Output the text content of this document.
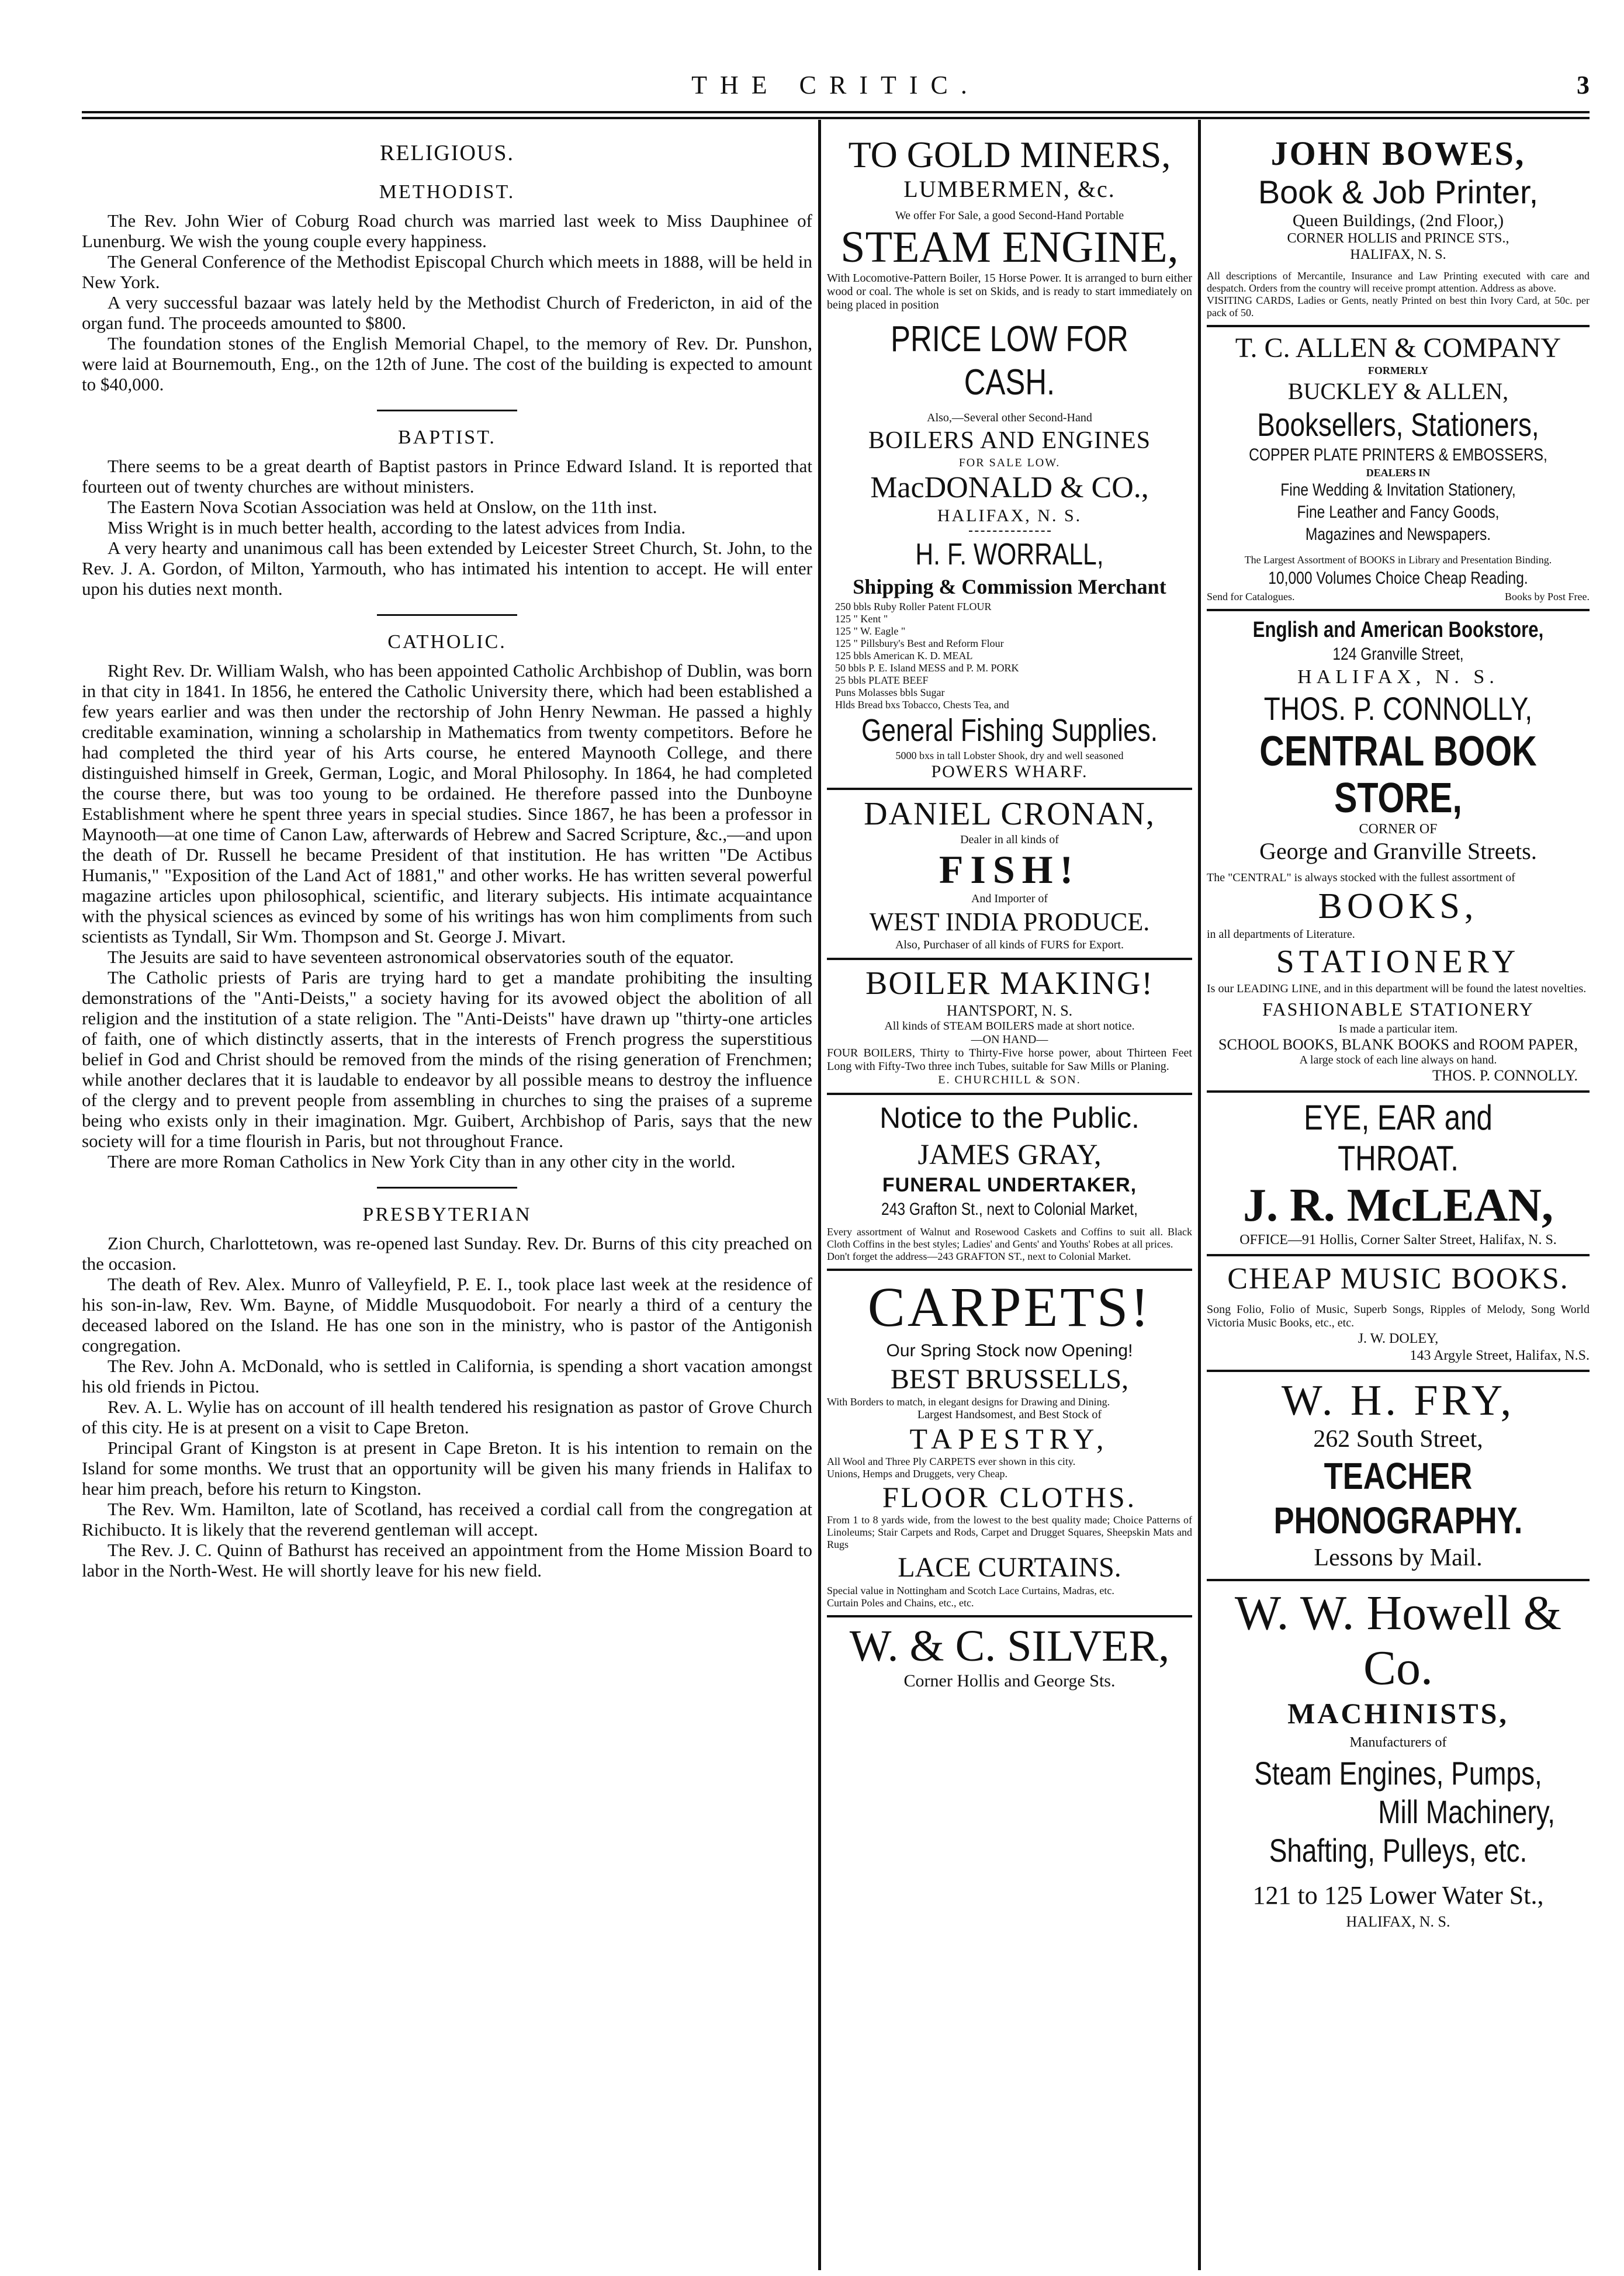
THE CRITIC.	3
RELIGIOUS.
METHODIST.

The Rev. John Wier of Coburg Road church was married last week to Miss Dauphinee of Lunenburg. We wish the young couple every happiness.

The General Conference of the Methodist Episcopal Church which meets in 1888, will be held in New York.

A very successful bazaar was lately held by the Methodist Church of Fredericton, in aid of the organ fund. The proceeds amounted to $800.

The foundation stones of the English Memorial Chapel, to the memory of Rev. Dr. Punshon, were laid at Bournemouth, Eng., on the 12th of June. The cost of the building is expected to amount to $40,000.

BAPTIST.

There seems to be a great dearth of Baptist pastors in Prince Edward Island. It is reported that fourteen out of twenty churches are without ministers.

The Eastern Nova Scotian Association was held at Onslow, on the 11th inst.

Miss Wright is in much better health, according to the latest advices from India.

A very hearty and unanimous call has been extended by Leicester Street Church, St. John, to the Rev. J. A. Gordon, of Milton, Yarmouth, who has intimated his intention to accept. He will enter upon his duties next month.

CATHOLIC.

Right Rev. Dr. William Walsh, who has been appointed Catholic Archbishop of Dublin, was born in that city in 1841. In 1856, he entered the Catholic University there, which had been established a few years earlier and was then under the rectorship of John Henry Newman. He passed a highly creditable examination, winning a scholarship in Mathematics from twenty competitors. Before he had completed the third year of his Arts course, he entered Maynooth College, and there distinguished himself in Greek, German, Logic, and Moral Philosophy. In 1864, he had completed the course there, but was too young to be ordained. He therefore passed into the Dunboyne Establishment where he spent three years in special studies. Since 1867, he has been a professor in Maynooth—at one time of Canon Law, afterwards of Hebrew and Sacred Scripture, &c.,—and upon the death of Dr. Russell he became President of that institution. He has written "De Actibus Humanis," "Exposition of the Land Act of 1881," and other works. He has written several powerful magazine articles upon philosophical, scientific, and literary subjects. His intimate acquaintance with the physical sciences as evinced by some of his writings has won him compliments from such scientists as Tyndall, Sir Wm. Thompson and St. George J. Mivart.

The Jesuits are said to have seventeen astronomical observatories south of the equator.

The Catholic priests of Paris are trying hard to get a mandate prohibiting the insulting demonstrations of the "Anti-Deists," a society having for its avowed object the abolition of all religion and the institution of a state religion. The "Anti-Deists" have drawn up "thirty-one articles of faith, one of which distinctly asserts, that in the interests of French progress the superstitious belief in God and Christ should be removed from the minds of the rising generation of Frenchmen; while another declares that it is laudable to endeavor by all possible means to destroy the influence of the clergy and to prevent people from assembling in churches to sing the praises of a supreme being who exists only in their imagination. Mgr. Guibert, Archbishop of Paris, says that the new society will for a time flourish in Paris, but not throughout France.

There are more Roman Catholics in New York City than in any other city in the world.

PRESBYTERIAN

Zion Church, Charlottetown, was re-opened last Sunday. Rev. Dr. Burns of this city preached on the occasion.

The death of Rev. Alex. Munro of Valleyfield, P. E. I., took place last week at the residence of his son-in-law, Rev. Wm. Bayne, of Middle Musquodoboit. For nearly a third of a century the deceased labored on the Island. He has one son in the ministry, who is pastor of the Antigonish congregation.

The Rev. John A. McDonald, who is settled in California, is spending a short vacation amongst his old friends in Pictou.

Rev. A. L. Wylie has on account of ill health tendered his resignation as pastor of Grove Church of this city. He is at present on a visit to Cape Breton.

Principal Grant of Kingston is at present in Cape Breton. It is his intention to remain on the Island for some months. We trust that an opportunity will be given his many friends in Halifax to hear him preach, before his return to Kingston.

The Rev. Wm. Hamilton, late of Scotland, has received a cordial call from the congregation at Richibucto. It is likely that the reverend gentleman will accept.

The Rev. J. C. Quinn of Bathurst has received an appointment from the Home Mission Board to labor in the North-West. He will shortly leave for his new field.

TO GOLD MINERS,
LUMBERMEN, &c.
We offer For Sale, a good Second-Hand Portable
STEAM ENGINE,
With Locomotive-Pattern Boiler, 15 Horse Power. It is arranged to burn either wood or coal. The whole is set on Skids, and is ready to start immediately on being placed in position
PRICE LOW FOR CASH.
Also,—Several other Second-Hand
BOILERS AND ENGINES
FOR SALE LOW.
MacDONALD & CO.,
HALIFAX, N. S.
H. F. WORRALL,
Shipping & Commission Merchant
250 bbls Ruby Roller Patent FLOUR
125 " Kent "
125 " W. Eagle "
125 " Pillsbury's Best and Reform Flour
125 bbls American K. D. MEAL
50 bbls P. E. Island MESS and P. M. PORK
25 bbls PLATE BEEF
Puns Molasses bbls Sugar
Hlds Bread bxs Tobacco, Chests Tea, and
General Fishing Supplies.
5000 bxs in tall Lobster Shook, dry and well seasoned
POWERS WHARF.
DANIEL CRONAN,
Dealer in all kinds of
FISH!
And Importer of
WEST INDIA PRODUCE.
Also, Purchaser of all kinds of FURS for Export.
BOILER MAKING!
HANTSPORT, N. S.
All kinds of STEAM BOILERS made at short notice.
—ON HAND—
FOUR BOILERS, Thirty to Thirty-Five horse power, about Thirteen Feet Long with Fifty-Two three inch Tubes, suitable for Saw Mills or Planing.
E. CHURCHILL & SON.
Notice to the Public.
JAMES GRAY,
FUNERAL UNDERTAKER,
243 Grafton St., next to Colonial Market,
Every assortment of Walnut and Rosewood Caskets and Coffins to suit all. Black Cloth Coffins in the best styles; Ladies' and Gents' and Youths' Robes at all prices.
Don't forget the address—243 GRAFTON ST., next to Colonial Market.
CARPETS!
Our Spring Stock now Opening!
BEST BRUSSELLS,
With Borders to match, in elegant designs for Drawing and Dining.
Largest Handsomest, and Best Stock of
TAPESTRY,
All Wool and Three Ply CARPETS ever shown in this city.
Unions, Hemps and Druggets, very Cheap.
FLOOR CLOTHS.
From 1 to 8 yards wide, from the lowest to the best quality made; Choice Patterns of Linoleums; Stair Carpets and Rods, Carpet and Drugget Squares, Sheepskin Mats and Rugs
LACE CURTAINS.
Special value in Nottingham and Scotch Lace Curtains, Madras, etc.
Curtain Poles and Chains, etc., etc.
W. & C. SILVER,
Corner Hollis and George Sts.
JOHN BOWES,
Book & Job Printer,
Queen Buildings, (2nd Floor,)
CORNER HOLLIS and PRINCE STS.,
HALIFAX, N. S.
All descriptions of Mercantile, Insurance and Law Printing executed with care and despatch. Orders from the country will receive prompt attention. Address as above.
VISITING CARDS, Ladies or Gents, neatly Printed on best thin Ivory Card, at 50c. per pack of 50.
T. C. ALLEN & COMPANY
FORMERLY
BUCKLEY & ALLEN,
Booksellers, Stationers,
COPPER PLATE PRINTERS & EMBOSSERS,
DEALERS IN
Fine Wedding & Invitation Stationery,
Fine Leather and Fancy Goods,
Magazines and Newspapers.
The Largest Assortment of BOOKS in Library and Presentation Binding.
10,000 Volumes Choice Cheap Reading.
Send for Catalogues.	Books by Post Free.
English and American Bookstore,
124 Granville Street,
HALIFAX, N. S.
THOS. P. CONNOLLY,
CENTRAL BOOK STORE,
CORNER OF
George and Granville Streets.
The "CENTRAL" is always stocked with the fullest assortment of
BOOKS,
in all departments of Literature.
STATIONERY
Is our LEADING LINE, and in this department will be found the latest novelties.
FASHIONABLE STATIONERY
Is made a particular item.
SCHOOL BOOKS, BLANK BOOKS and ROOM PAPER,
A large stock of each line always on hand.
THOS. P. CONNOLLY.
EYE, EAR and THROAT.
J. R. McLEAN,
OFFICE—91 Hollis, Corner Salter Street, Halifax, N. S.
CHEAP MUSIC BOOKS.
Song Folio, Folio of Music, Superb Songs, Ripples of Melody, Song World Victoria Music Books, etc., etc.
J. W. DOLEY,
143 Argyle Street, Halifax, N.S.
W. H. FRY,
262 South Street,
TEACHER PHONOGRAPHY.
Lessons by Mail.
W. W. Howell & Co.
MACHINISTS,
Manufacturers of
Steam Engines, Pumps,
Mill Machinery,
Shafting, Pulleys, etc.
121 to 125 Lower Water St.,
HALIFAX, N. S.
